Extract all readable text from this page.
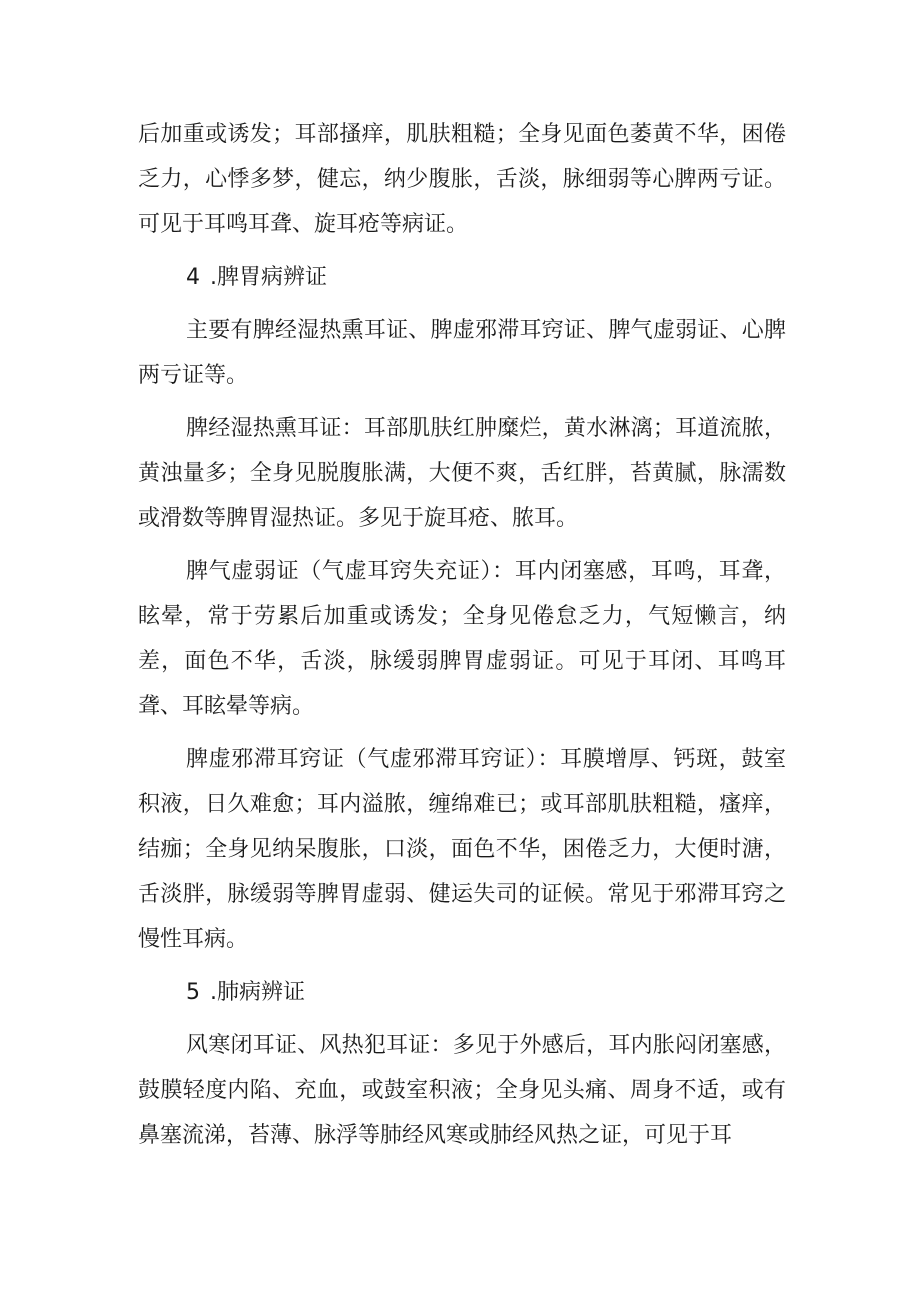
后加重或诱发；耳部搔痒，肌肤粗糙；全身见面色萎黄不华，困倦乏力，心悸多梦，健忘，纳少腹胀，舌淡，脉细弱等心脾两亏证。可见于耳鸣耳聋、旋耳疮等病证。

4 .脾胃病辨证

主要有脾经湿热熏耳证、脾虚邪滞耳窍证、脾气虚弱证、心脾两亏证等。

脾经湿热熏耳证：耳部肌肤红肿糜烂，黄水淋漓；耳道流脓，黄浊量多；全身见脱腹胀满，大便不爽，舌红胖，苔黄腻，脉濡数或滑数等脾胃湿热证。多见于旋耳疮、脓耳。

脾气虚弱证（气虚耳窍失充证）：耳内闭塞感，耳鸣，耳聋，眩晕，常于劳累后加重或诱发；全身见倦怠乏力，气短懒言，纳差，面色不华，舌淡，脉缓弱脾胃虚弱证。可见于耳闭、耳鸣耳聋、耳眩晕等病。

脾虚邪滞耳窍证（气虚邪滞耳窍证）：耳膜增厚、钙斑，鼓室积液，日久难愈；耳内溢脓，缠绵难已；或耳部肌肤粗糙，瘙痒，结痂；全身见纳呆腹胀，口淡，面色不华，困倦乏力，大便时溏，舌淡胖，脉缓弱等脾胃虚弱、健运失司的证候。常见于邪滞耳窍之慢性耳病。

5 .肺病辨证

风寒闭耳证、风热犯耳证：多见于外感后，耳内胀闷闭塞感，鼓膜轻度内陷、充血，或鼓室积液；全身见头痛、周身不适，或有鼻塞流涕，苔薄、脉浮等肺经风寒或肺经风热之证，可见于耳
